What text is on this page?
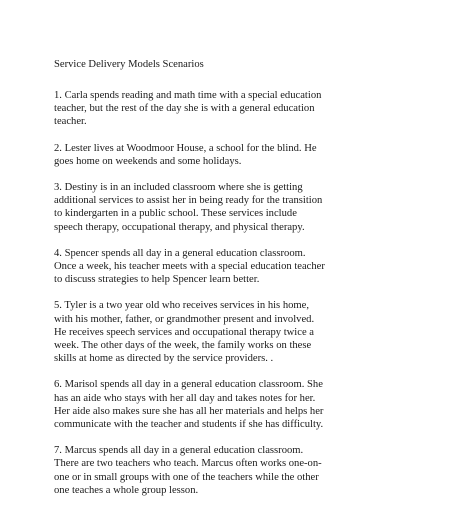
Service Delivery Models Scenarios
1. Carla spends reading and math time with a special education
teacher, but the rest of the day she is with a general education
teacher.
2. Lester lives at Woodmoor House, a school for the blind. He
goes home on weekends and some holidays.
3. Destiny is in an included classroom where she is getting
additional services to assist her in being ready for the transition
to kindergarten in a public school. These services include
speech therapy, occupational therapy, and physical therapy.
4. Spencer spends all day in a general education classroom.
Once a week, his teacher meets with a special education teacher
to discuss strategies to help Spencer learn better.
5. Tyler is a two year old who receives services in his home,
with his mother, father, or grandmother present and involved.
He receives speech services and occupational therapy twice a
week. The other days of the week, the family works on these
skills at home as directed by the service providers. .
6. Marisol spends all day in a general education classroom. She
has an aide who stays with her all day and takes notes for her.
Her aide also makes sure she has all her materials and helps her
communicate with the teacher and students if she has difficulty.
7. Marcus spends all day in a general education classroom.
There are two teachers who teach. Marcus often works one-on-
one or in small groups with one of the teachers while the other
one teaches a whole group lesson.
